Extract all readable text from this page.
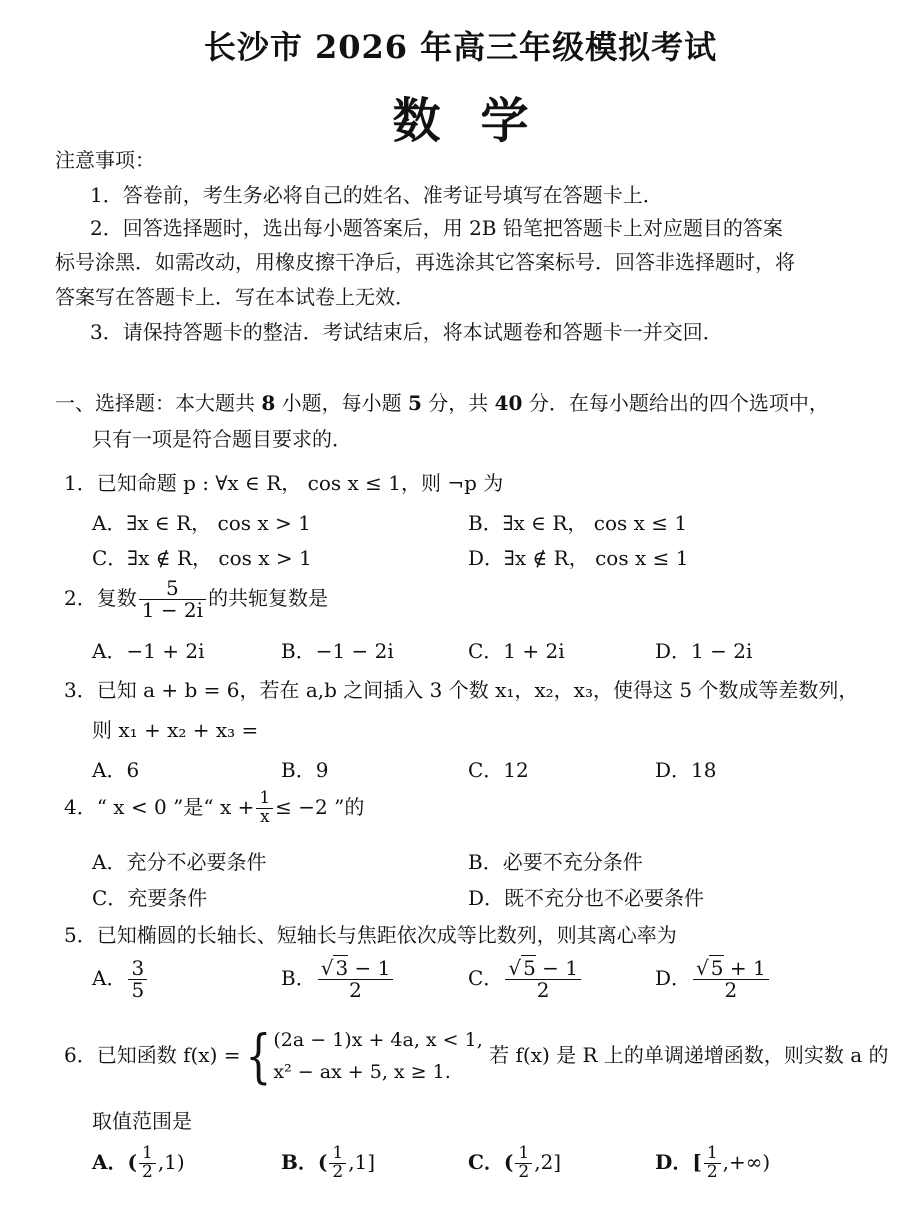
长沙市 2026 年高三年级模拟考试
数学
注意事项：
1．答卷前，考生务必将自己的姓名、准考证号填写在答题卡上．
2．回答选择题时，选出每小题答案后，用 2B 铅笔把答题卡上对应题目的答案
标号涂黑．如需改动，用橡皮擦干净后，再选涂其它答案标号．回答非选择题时，将
答案写在答题卡上．写在本试卷上无效．
3．请保持答题卡的整洁．考试结束后，将本试题卷和答题卡一并交回．
一、选择题：本大题共 8 小题，每小题 5 分，共 40 分．在每小题给出的四个选项中，
只有一项是符合题目要求的．
1．已知命题 p : ∀x ∈ R， cos x ≤ 1，则 ¬p 为
A．∃x ∈ R， cos x > 1	B．∃x ∈ R， cos x ≤ 1
C．∃x ∉ R， cos x > 1	D．∃x ∉ R， cos x ≤ 1
2．复数 $\frac{5}{1 - 2i}$ 的共轭复数是
A．−1 + 2i	B．−1 − 2i	C．1 + 2i	D．1 − 2i
3．已知 a + b = 6，若在 a,b 之间插入 3 个数 x₁，x₂，x₃，使得这 5 个数成等差数列，
则 x₁ + x₂ + x₃ =
A．6	B．9	C．12	D．18
4．“ x < 0 ”是“ $x + \frac{1}{x} \le -2$ ”的
A．充分不必要条件	B．必要不充分条件
C．充要条件	D．既不充分也不必要条件
5．已知椭圆的长轴长、短轴长与焦距依次成等比数列，则其离心率为
A． $\frac{3}{5}$	B． $\frac{√ 3 - 1}{2}$	C． $\frac{√ 5 - 1}{2}$	D． $\frac{√ 5 + 1}{2}$
6．已知函数 f(x) ={ (2a − 1)x + 4a, x < 1,
x² − ax + 5, x ≥ 1.
若 f(x) 是 R 上的单调递增函数，则实数 a 的
取值范围是
A．( $\frac{1}{2} ,1$)	B．( $\frac{1}{2} ,1$]	C．( $\frac{1}{2} ,2$]	D．[ $\frac{1}{2}$ ,+∞)
